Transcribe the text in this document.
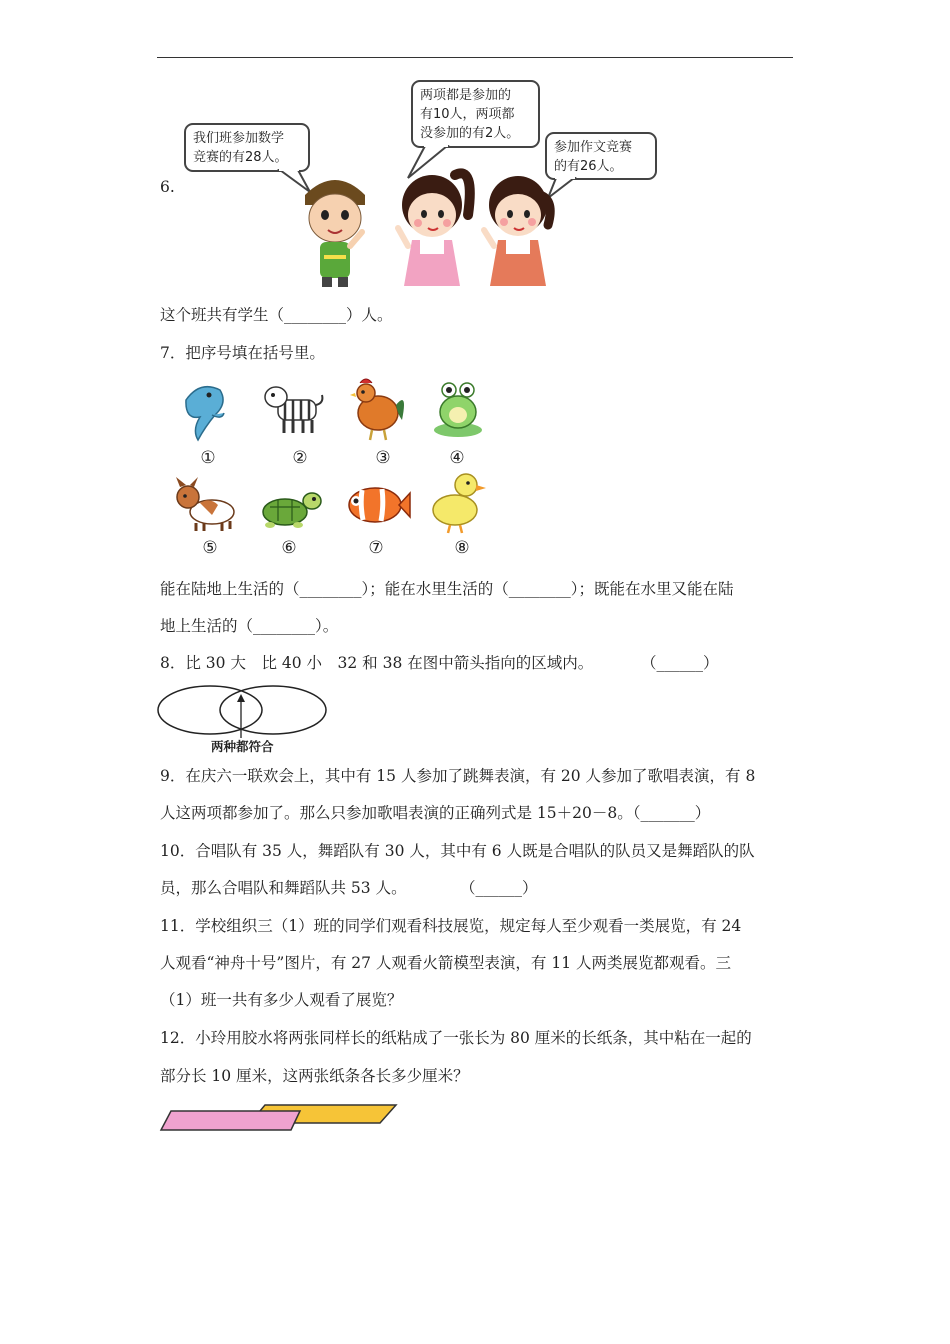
6.
我们班参加数学
竞赛的有28人。
两项都是参加的
有10人，两项都
没参加的有2人。
参加作文竞赛
的有26人。
这个班共有学生（________）人。
7．把序号填在括号里。
①	②	③	④
⑤	⑥	⑦	⑧
能在陆地上生活的（________）；能在水里生活的（________）；既能在水里又能在陆
地上生活的（________）。
8．比 30 大　比 40 小　32 和 38 在图中箭头指向的区域内。	（______）
两种都符合
9．在庆六一联欢会上，其中有 15 人参加了跳舞表演，有 20 人参加了歌唱表演，有 8
人这两项都参加了。那么只参加歌唱表演的正确列式是 15＋20－8。（_______）
10．合唱队有 35 人，舞蹈队有 30 人，其中有 6 人既是合唱队的队员又是舞蹈队的队
员，那么合唱队和舞蹈队共 53 人。	（______）
11．学校组织三（1）班的同学们观看科技展览，规定每人至少观看一类展览，有 24
人观看“神舟十号”图片，有 27 人观看火箭模型表演，有 11 人两类展览都观看。三
（1）班一共有多少人观看了展览？
12．小玲用胶水将两张同样长的纸粘成了一张长为 80 厘米的长纸条，其中粘在一起的
部分长 10 厘米，这两张纸条各长多少厘米？
